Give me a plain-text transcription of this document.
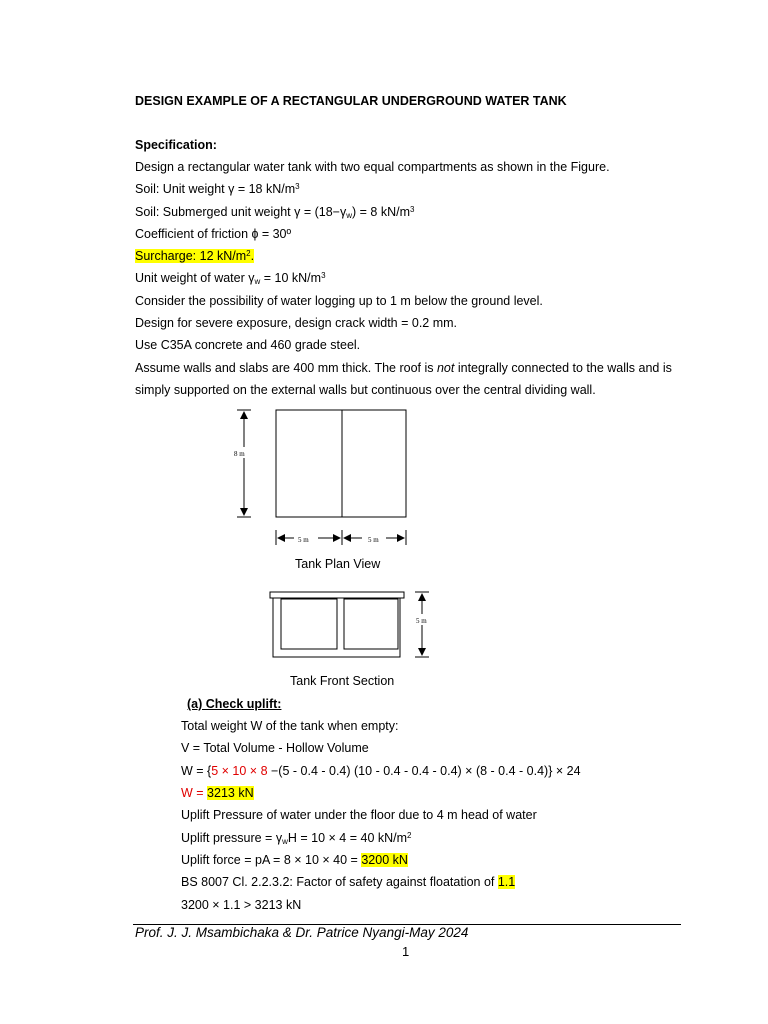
DESIGN EXAMPLE OF A RECTANGULAR UNDERGROUND WATER TANK
Specification:
Design a rectangular water tank with two equal compartments as shown in the Figure.
Soil: Unit weight γ = 18 $kN/m^3$
Soil: Submerged unit weight $\gamma = (18-\gamma_w) = 8$ $kN/m^3$
Coefficient of friction ɸ = 30º
Surcharge: 12 $kN/m^2$.
Unit weight of water $\gamma_w = 10$ $kN/m^3$
Consider the possibility of water logging up to 1 m below the ground level.
Design for severe exposure, design crack width = 0.2 mm.
Use C35A concrete and 460 grade steel.
Assume walls and slabs are 400 mm thick. The roof is not integrally connected to the walls and is
simply supported on the external walls but continuous over the central dividing wall.
8 m
5 m	5 m
5 m
Tank Plan View
Tank Front Section
(a) Check uplift:
Total weight W of the tank when empty:
V = Total Volume - Hollow Volume
W = {5 × 10 × 8 −(5 - 0.4 - 0.4) (10 - 0.4 - 0.4 - 0.4) × (8 - 0.4 - 0.4)} × 24
W = 3213 kN
Uplift Pressure of water under the floor due to 4 m head of water
Uplift pressure = $\gamma_wH = 10 \times 4 = 40$ $kN/m^2$
Uplift force = pA = 8 × 10 × 40 = 3200 kN
BS 8007 Cl. 2.2.3.2: Factor of safety against floatation of 1.1
3200 × 1.1 > 3213 kN
Prof. J. J. Msambichaka & Dr. Patrice Nyangi-May 2024
1
